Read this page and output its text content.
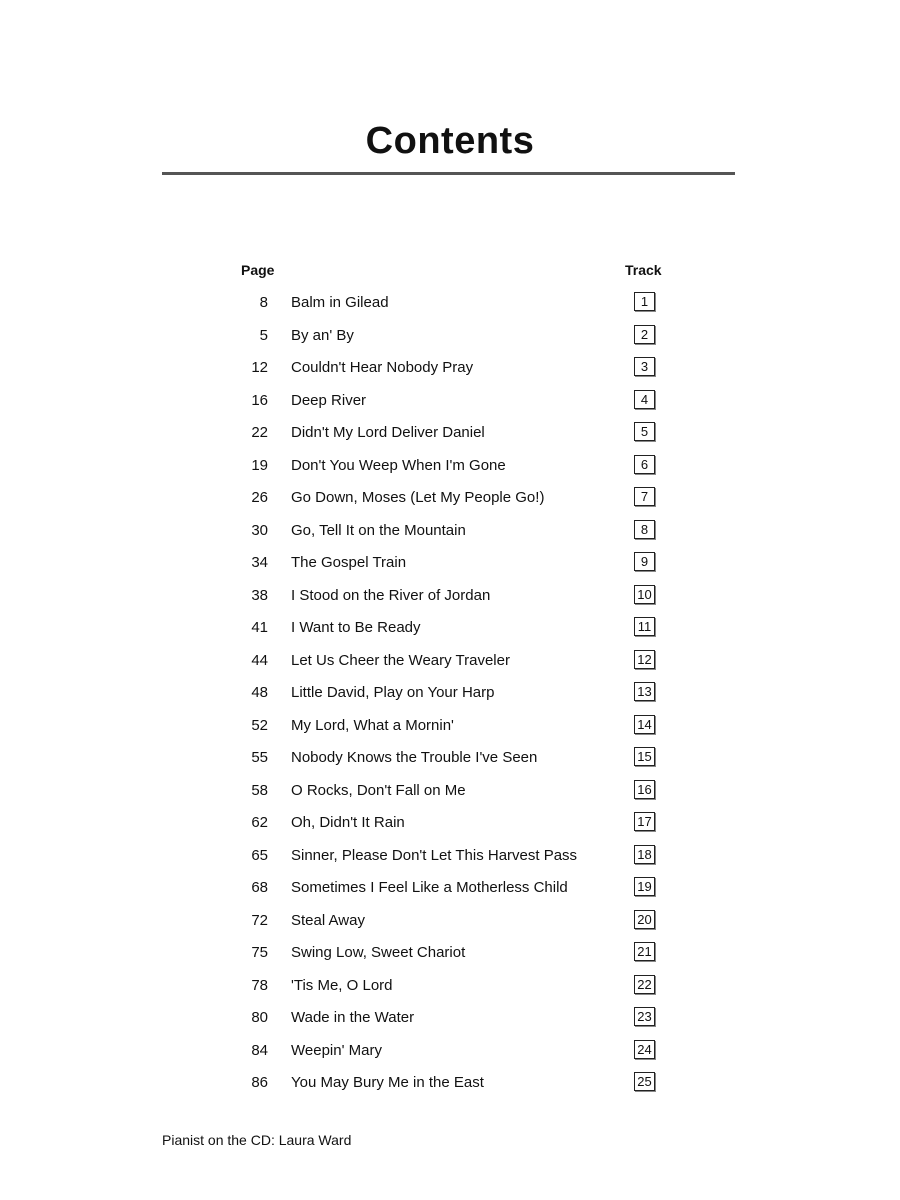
Contents
Page	Track
8 Balm in Gilead	1
5 By an' By	2
12 Couldn't Hear Nobody Pray	3
16 Deep River	4
22 Didn't My Lord Deliver Daniel	5
19 Don't You Weep When I'm Gone	6
26 Go Down, Moses (Let My People Go!)	7
30 Go, Tell It on the Mountain	8
34 The Gospel Train	9
38 I Stood on the River of Jordan	10
41 I Want to Be Ready	11
44 Let Us Cheer the Weary Traveler	12
48 Little David, Play on Your Harp	13
52 My Lord, What a Mornin'	14
55 Nobody Knows the Trouble I've Seen	15
58 O Rocks, Don't Fall on Me	16
62 Oh, Didn't It Rain	17
65 Sinner, Please Don't Let This Harvest Pass	18
68 Sometimes I Feel Like a Motherless Child	19
72 Steal Away	20
75 Swing Low, Sweet Chariot	21
78 'Tis Me, O Lord	22
80 Wade in the Water	23
84 Weepin' Mary	24
86 You May Bury Me in the East	25
Pianist on the CD: Laura Ward
